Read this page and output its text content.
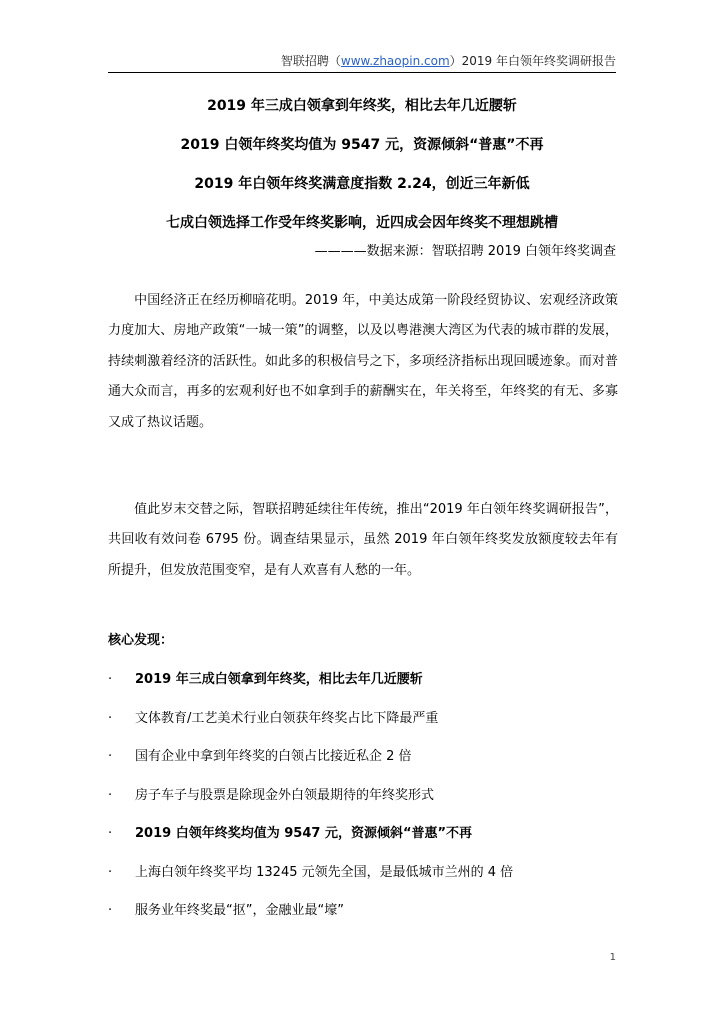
智联招聘（www.zhaopin.com）2019 年白领年终奖调研报告
2019 年三成白领拿到年终奖，相比去年几近腰斩
2019 白领年终奖均值为 9547 元，资源倾斜“普惠”不再
2019 年白领年终奖满意度指数 2.24，创近三年新低
七成白领选择工作受年终奖影响，近四成会因年终奖不理想跳槽
————数据来源：智联招聘 2019 白领年终奖调查

中国经济正在经历柳暗花明。2019 年，中美达成第一阶段经贸协议、宏观经济政策力度加大、房地产政策“一城一策”的调整，以及以粤港澳大湾区为代表的城市群的发展，持续刺激着经济的活跃性。如此多的积极信号之下，多项经济指标出现回暖迹象。而对普通大众而言，再多的宏观利好也不如拿到手的薪酬实在，年关将至，年终奖的有无、多寡又成了热议话题。

值此岁末交替之际，智联招聘延续往年传统，推出“2019 年白领年终奖调研报告”，共回收有效问卷 6795 份。调查结果显示，虽然 2019 年白领年终奖发放额度较去年有所提升，但发放范围变窄，是有人欢喜有人愁的一年。

核心发现：
·	2019 年三成白领拿到年终奖，相比去年几近腰斩
·	文体教育/工艺美术行业白领获年终奖占比下降最严重
·	国有企业中拿到年终奖的白领占比接近私企 2 倍
·	房子车子与股票是除现金外白领最期待的年终奖形式
·	2019 白领年终奖均值为 9547 元，资源倾斜“普惠”不再
·	上海白领年终奖平均 13245 元领先全国，是最低城市兰州的 4 倍
·	服务业年终奖最“抠”，金融业最“壕”
1
